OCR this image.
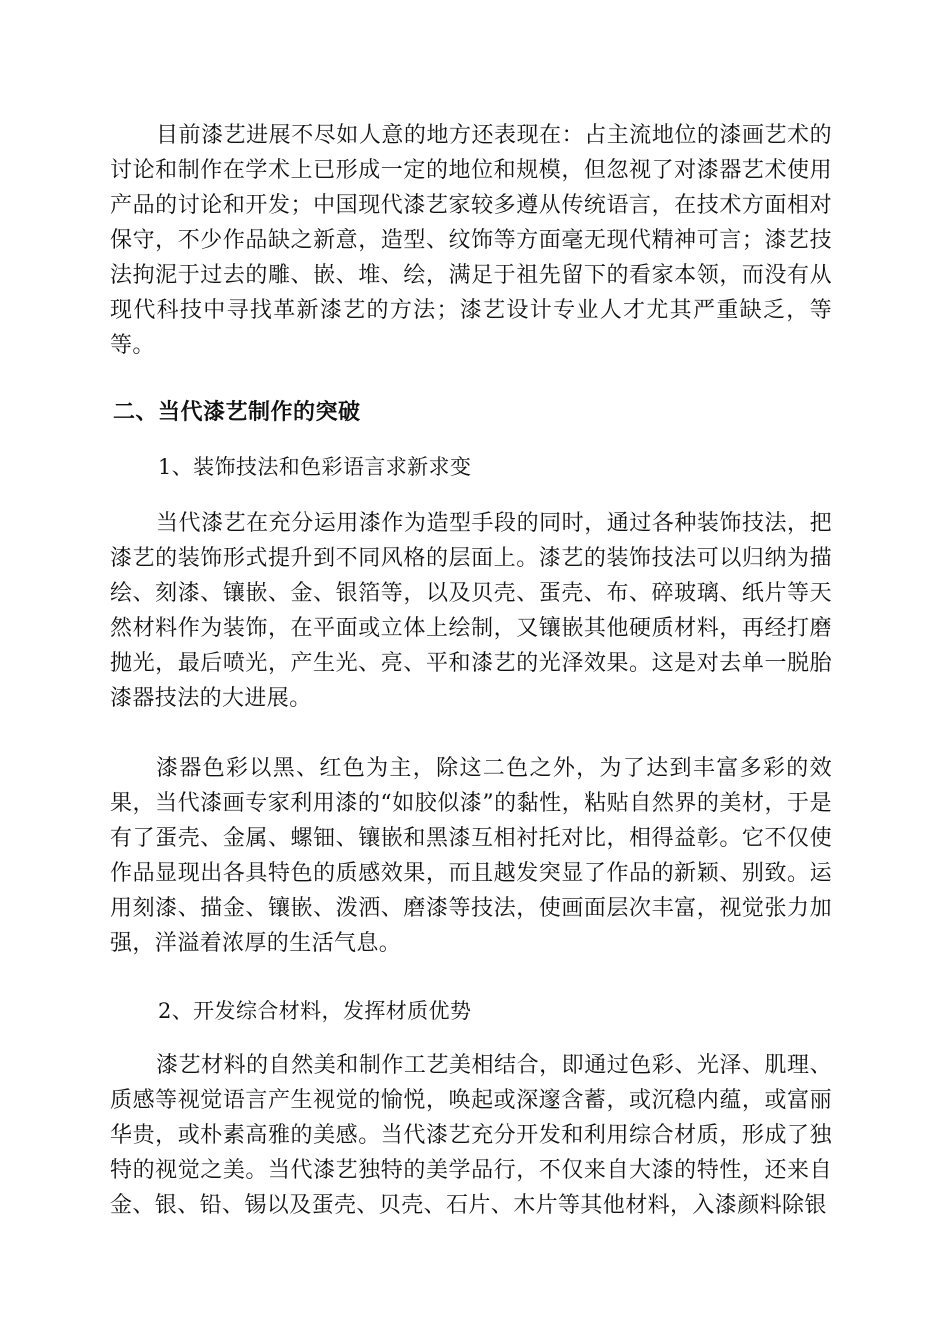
目前漆艺进展不尽如人意的地方还表现在：占主流地位的漆画艺术的讨论和制作在学术上已形成一定的地位和规模，但忽视了对漆器艺术使用产品的讨论和开发；中国现代漆艺家较多遵从传统语言，在技术方面相对保守，不少作品缺之新意，造型、纹饰等方面毫无现代精神可言；漆艺技法拘泥于过去的雕、嵌、堆、绘，满足于祖先留下的看家本领，而没有从现代科技中寻找革新漆艺的方法；漆艺设计专业人才尤其严重缺乏，等等。

二、当代漆艺制作的突破

1、装饰技法和色彩语言求新求变

当代漆艺在充分运用漆作为造型手段的同时，通过各种装饰技法，把漆艺的装饰形式提升到不同风格的层面上。漆艺的装饰技法可以归纳为描绘、刻漆、镶嵌、金、银箔等，以及贝壳、蛋壳、布、碎玻璃、纸片等天然材料作为装饰，在平面或立体上绘制，又镶嵌其他硬质材料，再经打磨抛光，最后喷光，产生光、亮、平和漆艺的光泽效果。这是对去单一脱胎漆器技法的大进展。

漆器色彩以黑、红色为主，除这二色之外，为了达到丰富多彩的效果，当代漆画专家利用漆的“如胶似漆”的黏性，粘贴自然界的美材，于是有了蛋壳、金属、螺钿、镶嵌和黑漆互相衬托对比，相得益彰。它不仅使作品显现出各具特色的质感效果，而且越发突显了作品的新颖、别致。运用刻漆、描金、镶嵌、泼洒、磨漆等技法，使画面层次丰富，视觉张力加强，洋溢着浓厚的生活气息。

2、开发综合材料，发挥材质优势

漆艺材料的自然美和制作工艺美相结合，即通过色彩、光泽、肌理、质感等视觉语言产生视觉的愉悦，唤起或深邃含蓄，或沉稳内蕴，或富丽华贵，或朴素高雅的美感。当代漆艺充分开发和利用综合材质，形成了独特的视觉之美。当代漆艺独特的美学品行，不仅来自大漆的特性，还来自金、银、铅、锡以及蛋壳、贝壳、石片、木片等其他材料，入漆颜料除银
